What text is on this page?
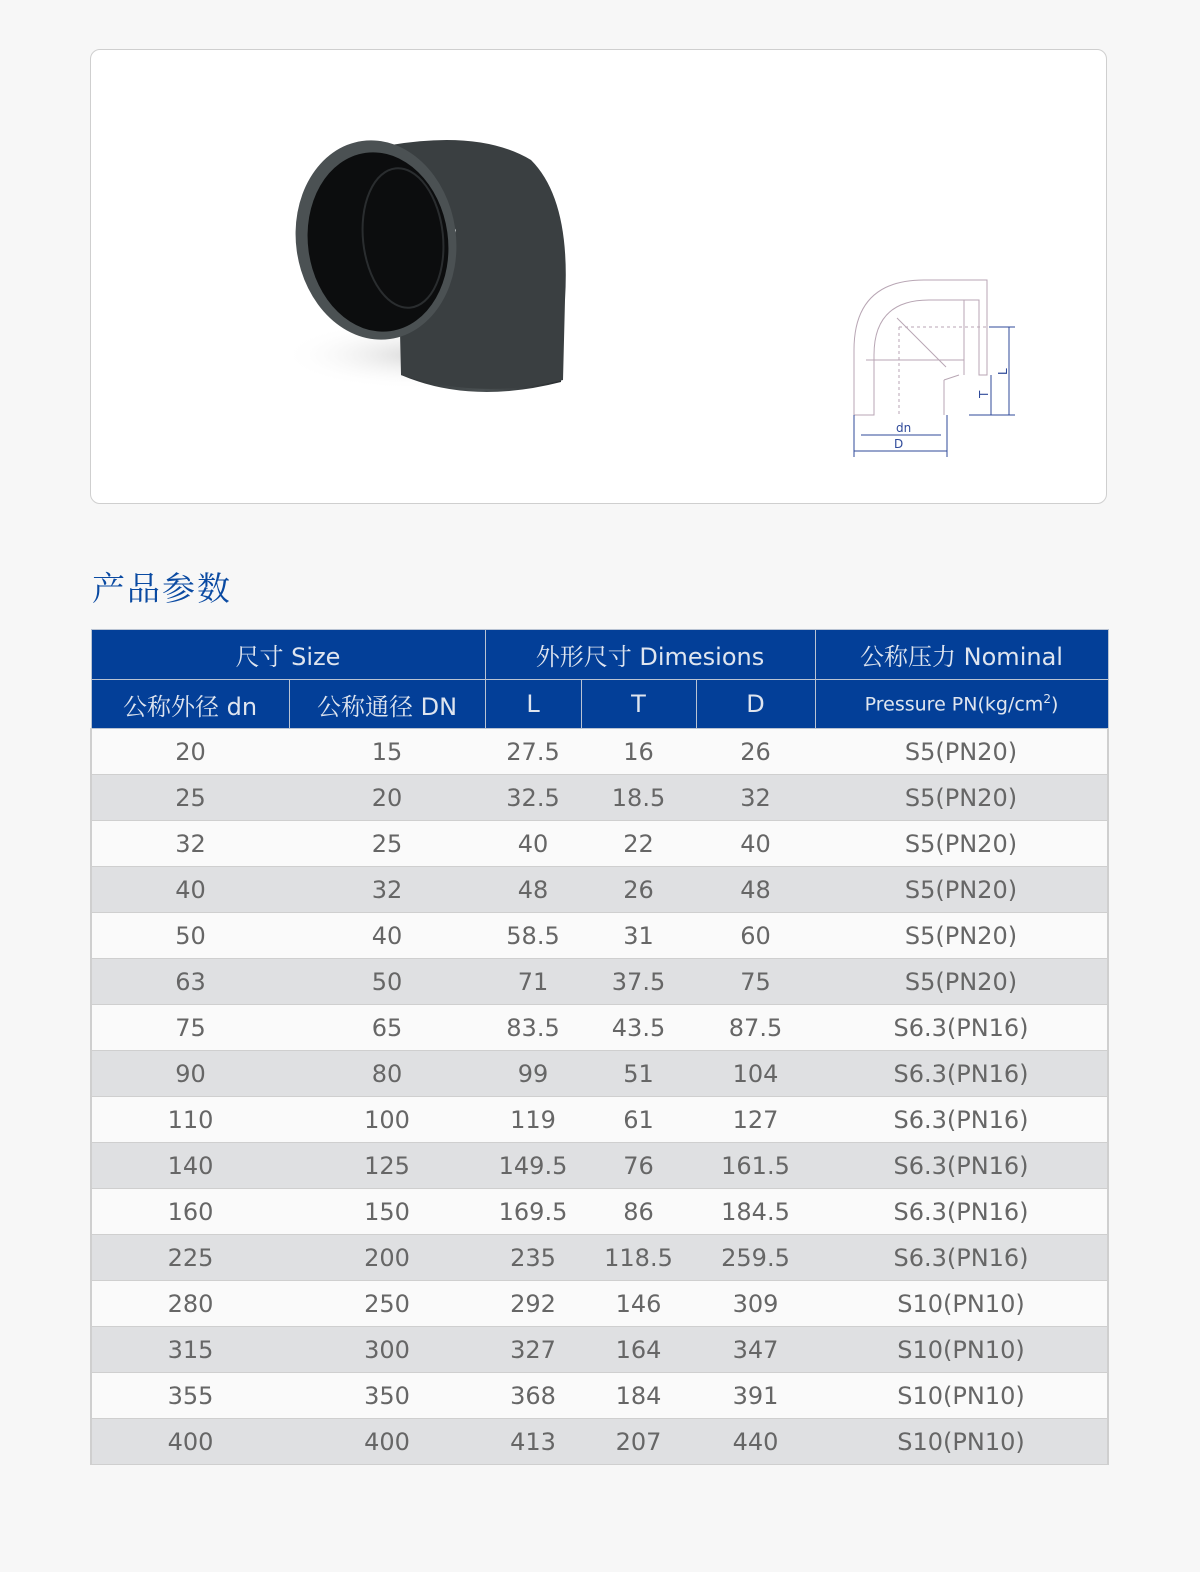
dn
D
T
L
产品参数
尺寸 Size		外形尺寸 Dimesions			公称压力 Nominal
公称外径 dn	公称通径 DN	L	T	D	Pressure $PN(kg/cm^2)$
20	15	27.5	16	26	S5(PN20)
25	20	32.5	18.5	32	S5(PN20)
32	25	40	22	40	S5(PN20)
40	32	48	26	48	S5(PN20)
50	40	58.5	31	60	S5(PN20)
63	50	71	37.5	75	S5(PN20)
75	65	83.5	43.5	87.5	S6.3(PN16)
90	80	99	51	104	S6.3(PN16)
110	100	119	61	127	S6.3(PN16)
140	125	149.5	76	161.5	S6.3(PN16)
160	150	169.5	86	184.5	S6.3(PN16)
225	200	235	118.5	259.5	S6.3(PN16)
280	250	292	146	309	S10(PN10)
315	300	327	164	347	S10(PN10)
355	350	368	184	391	S10(PN10)
400	400	413	207	440	S10(PN10)
